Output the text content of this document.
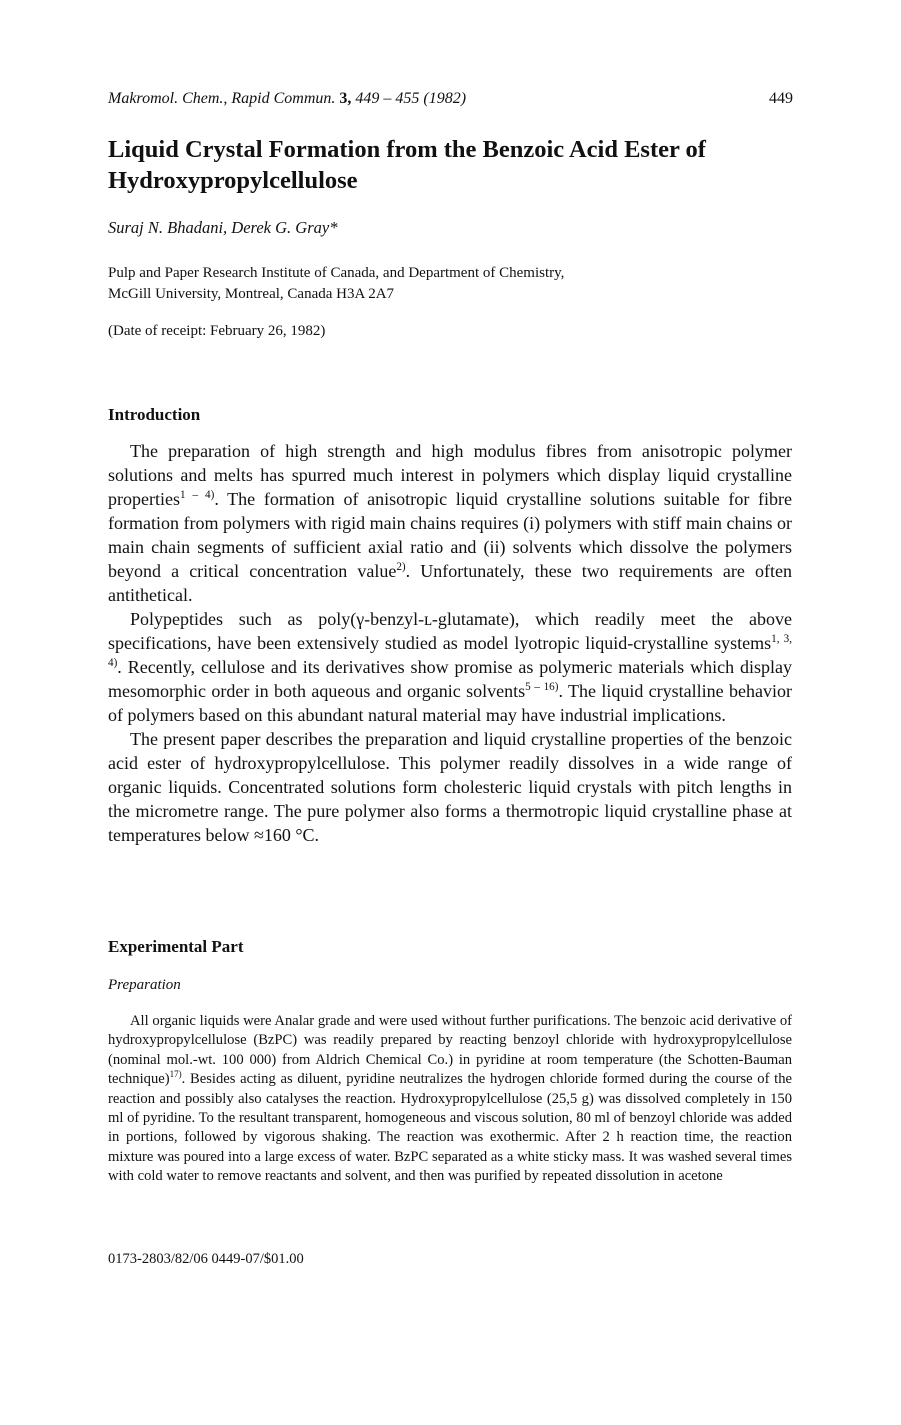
Makromol. Chem., Rapid Commun. 3, 449 – 455 (1982)	449
Liquid Crystal Formation from the Benzoic Acid Ester of Hydroxypropylcellulose
Suraj N. Bhadani, Derek G. Gray*
Pulp and Paper Research Institute of Canada, and Department of Chemistry,
McGill University, Montreal, Canada H3A 2A7
(Date of receipt: February 26, 1982)
Introduction

The preparation of high strength and high modulus fibres from anisotropic polymer solutions and melts has spurred much interest in polymers which display liquid crystalline properties$^{1 - 4)}$. The formation of anisotropic liquid crystalline solutions suitable for fibre formation from polymers with rigid main chains requires (i) polymers with stiff main chains or main chain segments of sufficient axial ratio and (ii) solvents which dissolve the polymers beyond a critical concentration value$^{2)}$. Unfortunately, these two requirements are often antithetical.

Polypeptides such as poly(γ-benzyl-ʟ-glutamate), which readily meet the above specifications, have been extensively studied as model lyotropic liquid-crystalline systems$^{1, 3, 4)}$. Recently, cellulose and its derivatives show promise as polymeric materials which display mesomorphic order in both aqueous and organic solvents$^{5 - 16)}$. The liquid crystalline behavior of polymers based on this abundant natural material may have industrial implications.

The present paper describes the preparation and liquid crystalline properties of the benzoic acid ester of hydroxypropylcellulose. This polymer readily dissolves in a wide range of organic liquids. Concentrated solutions form cholesteric liquid crystals with pitch lengths in the micrometre range. The pure polymer also forms a thermotropic liquid crystalline phase at temperatures below ≈160 °C.

Experimental Part
Preparation

All organic liquids were Analar grade and were used without further purifications. The benzoic acid derivative of hydroxypropylcellulose (BzPC) was readily prepared by reacting benzoyl chloride with hydroxypropylcellulose (nominal mol.-wt. 100 000) from Aldrich Chemical Co.) in pyridine at room temperature (the Schotten-Bauman technique)$^{17)}$. Besides acting as diluent, pyridine neutralizes the hydrogen chloride formed during the course of the reaction and possibly also catalyses the reaction. Hydroxypropylcellulose (25,5 g) was dissolved completely in 150 ml of pyridine. To the resultant transparent, homogeneous and viscous solution, 80 ml of benzoyl chloride was added in portions, followed by vigorous shaking. The reaction was exothermic. After 2 h reaction time, the reaction mixture was poured into a large excess of water. BzPC separated as a white sticky mass. It was washed several times with cold water to remove reactants and solvent, and then was purified by repeated dissolution in acetone

0173-2803/82/06 0449-07/$01.00
